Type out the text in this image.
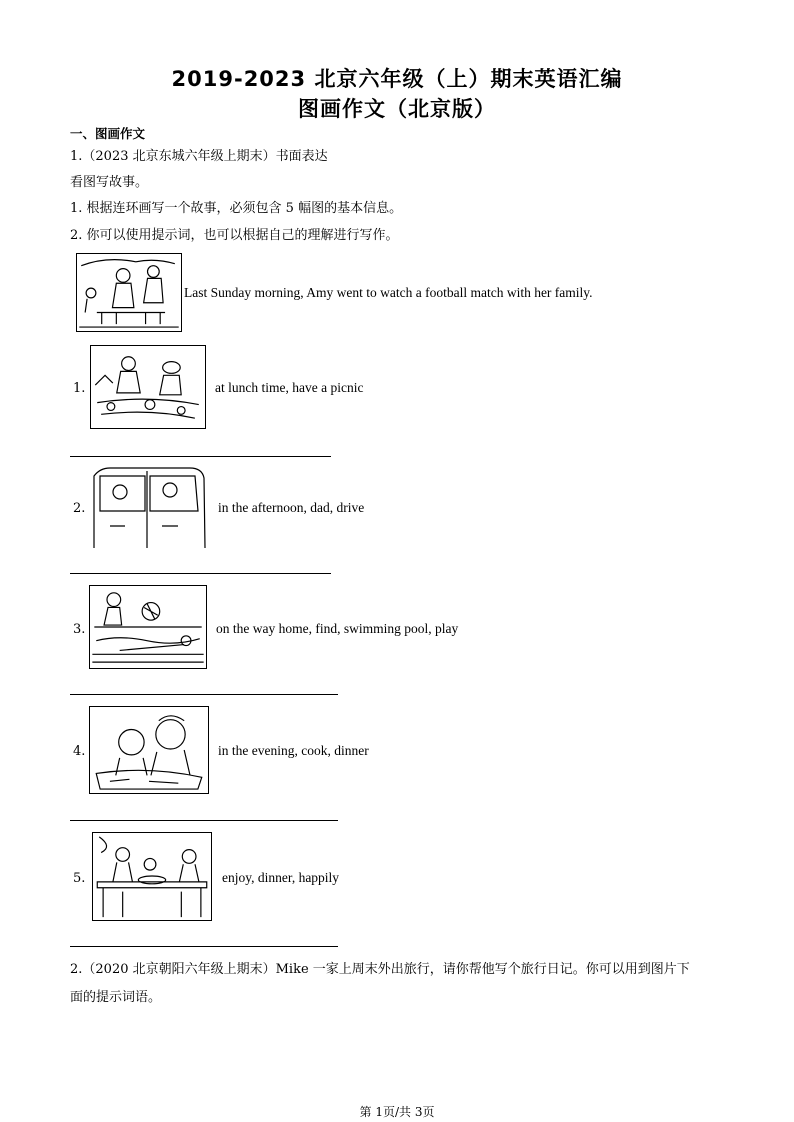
2019-2023 北京六年级（上）期末英语汇编
图画作文（北京版）
一、图画作文
1.（2023 北京东城六年级上期末）书面表达
看图写故事。
1. 根据连环画写一个故事，必须包含 5 幅图的基本信息。
2. 你可以使用提示词，也可以根据自己的理解进行写作。
Last Sunday morning, Amy went to watch a football match with her family.
1.	at lunch time, have a picnic
2.	in the afternoon, dad, drive
3.	on the way home, find, swimming pool, play
4.	in the evening, cook, dinner
5.	enjoy, dinner, happily
2.（2020 北京朝阳六年级上期末）Mike 一家上周末外出旅行，请你帮他写个旅行日记。你可以用到图片下
面的提示词语。
第 1页/共 3页
